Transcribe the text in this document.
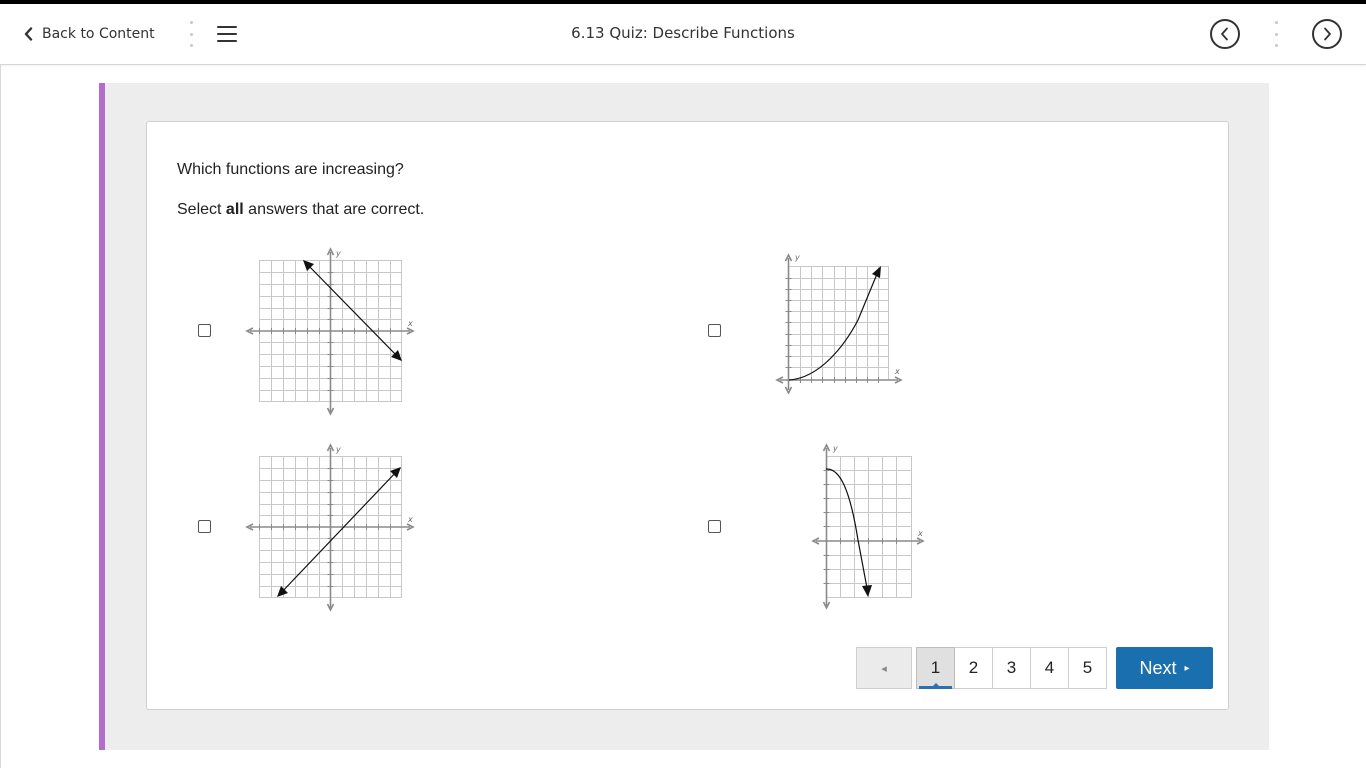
Back to Content	6.13 Quiz: Describe Functions
Which functions are increasing?
Select all answers that are correct.
y
x
y
x
y
x
y
x
◂	1	2	3	4	5	Next ▸
